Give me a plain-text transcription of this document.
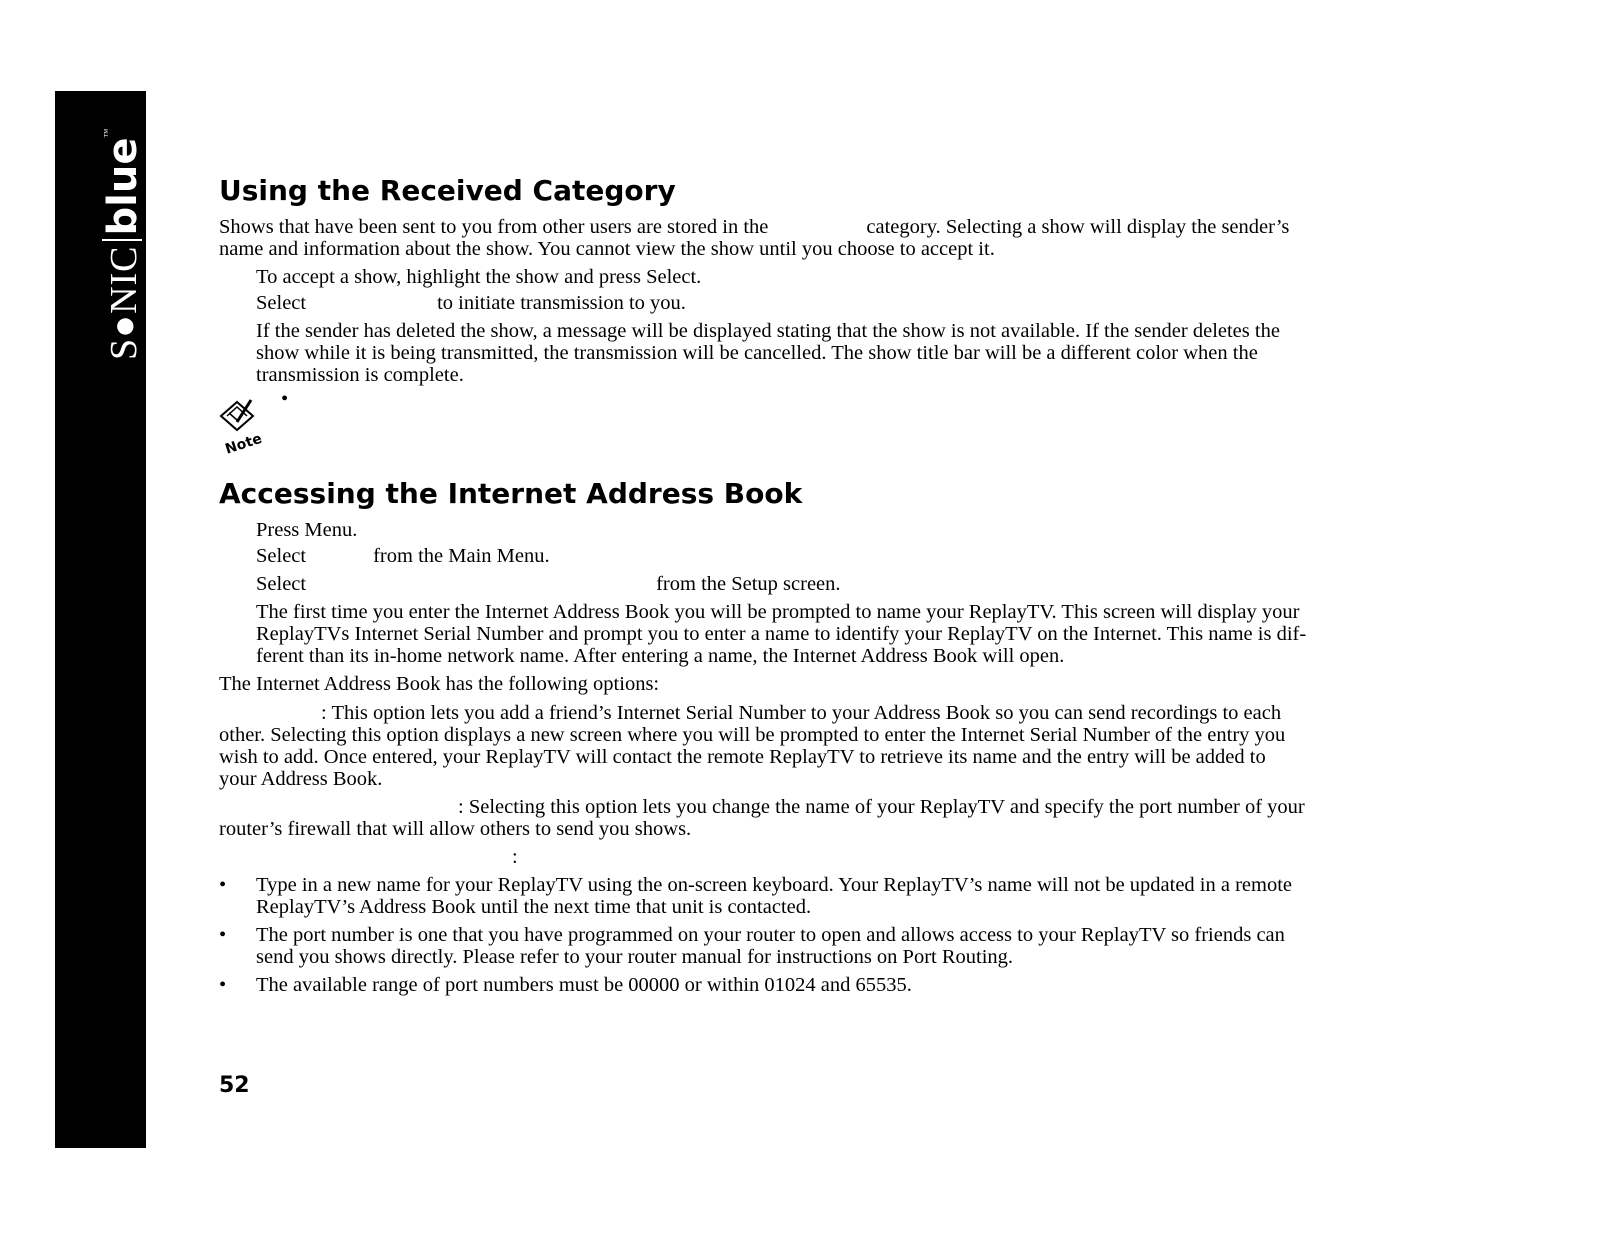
S●NICblue™
Using the Received Category

Shows that have been sent to you from other users are stored in the	category. Selecting a show will display the sender’s

name and information about the show. You cannot view the show until you choose to accept it.

To accept a show, highlight the show and press Select.

Select	to initiate transmission to you.

If the sender has deleted the show, a message will be displayed stating that the show is not available. If the sender deletes the

show while it is being transmitted, the transmission will be cancelled. The show title bar will be a different color when the

transmission is complete.

Note
•
Accessing the Internet Address Book

Press Menu.

Select	from the Main Menu.

Select	from the Setup screen.

The first time you enter the Internet Address Book you will be prompted to name your ReplayTV. This screen will display your

ReplayTVs Internet Serial Number and prompt you to enter a name to identify your ReplayTV on the Internet. This name is dif-

ferent than its in-home network name. After entering a name, the Internet Address Book will open.

The Internet Address Book has the following options:

: This option lets you add a friend’s Internet Serial Number to your Address Book so you can send recordings to each

other. Selecting this option displays a new screen where you will be prompted to enter the Internet Serial Number of the entry you

wish to add. Once entered, your ReplayTV will contact the remote ReplayTV to retrieve its name and the entry will be added to

your Address Book.

: Selecting this option lets you change the name of your ReplayTV and specify the port number of your

router’s firewall that will allow others to send you shows.

:

• Type in a new name for your ReplayTV using the on-screen keyboard. Your ReplayTV’s name will not be updated in a remote

ReplayTV’s Address Book until the next time that unit is contacted.

• The port number is one that you have programmed on your router to open and allows access to your ReplayTV so friends can

send you shows directly. Please refer to your router manual for instructions on Port Routing.

• The available range of port numbers must be 00000 or within 01024 and 65535.

52
